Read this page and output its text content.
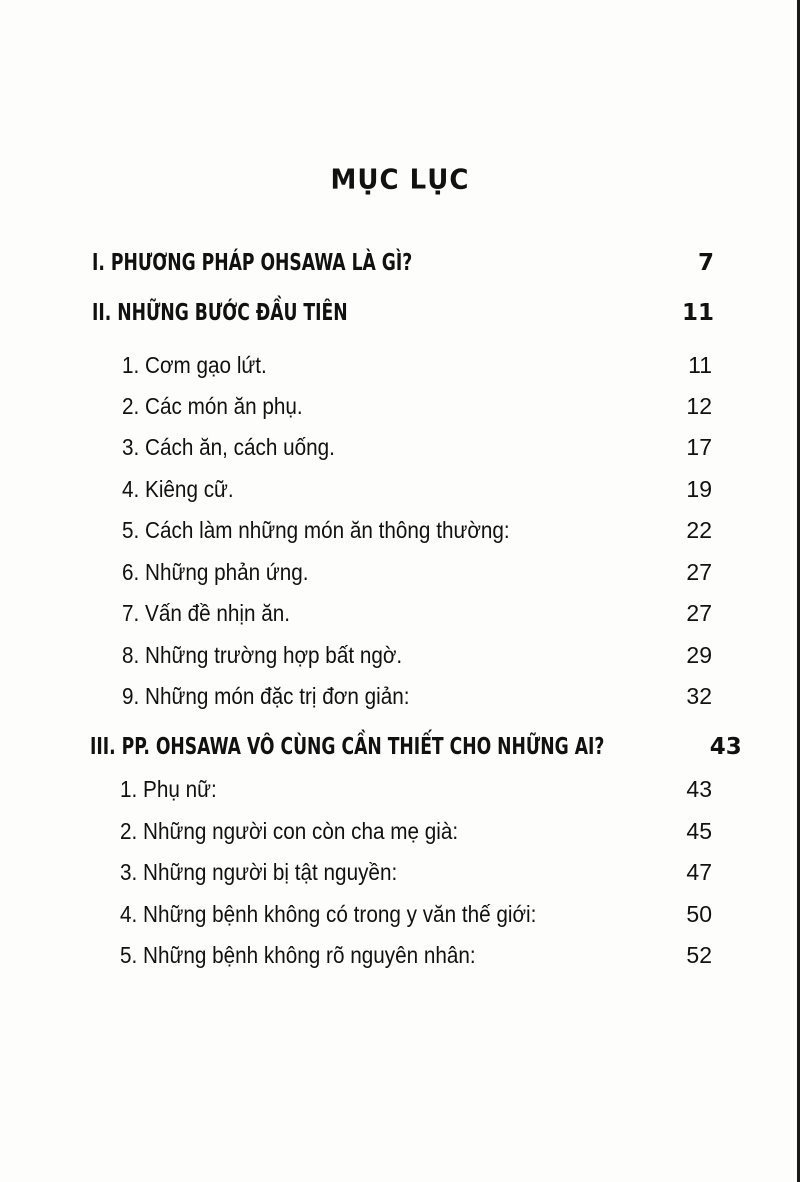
MỤC LỤC
I. PHƯƠNG PHÁP OHSAWA LÀ GÌ?	7
II. NHỮNG BƯỚC ĐẦU TIÊN	11
1. Cơm gạo lứt.	11
2. Các món ăn phụ.	12
3. Cách ăn, cách uống.	17
4. Kiêng cữ.	19
5. Cách làm những món ăn thông thường:	22
6. Những phản ứng.	27
7. Vấn đề nhịn ăn.	27
8. Những trường hợp bất ngờ.	29
9. Những món đặc trị đơn giản:	32
III. PP. OHSAWA VÔ CÙNG CẦN THIẾT CHO NHỮNG AI?	43
1. Phụ nữ:	43
2. Những người con còn cha mẹ già:	45
3. Những người bị tật nguyền:	47
4. Những bệnh không có trong y văn thế giới:	50
5. Những bệnh không rõ nguyên nhân:	52
